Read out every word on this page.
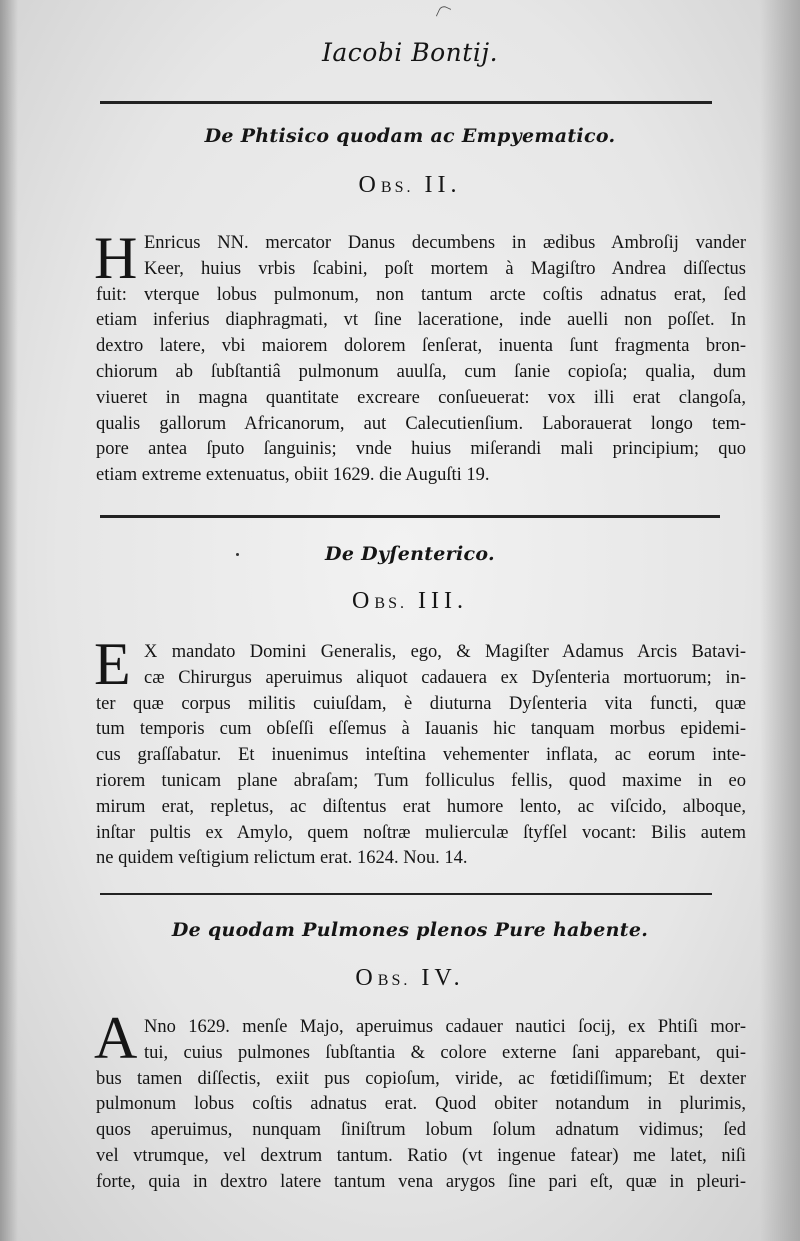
Iacobi Bontij.
De Phtisico quodam ac Empyematico.
OBS. II.
H Enricus NN. mercator Danus decumbens in ædibus Ambroſij vander
Keer, huius vrbis ſcabini, poſt mortem à Magiſtro Andrea diſſectus
fuit: vterque lobus pulmonum, non tantum arcte coſtis adnatus erat, ſed
etiam inferius diaphragmati, vt ſine laceratione, inde auelli non poſſet. In
dextro latere, vbi maiorem dolorem ſenſerat, inuenta ſunt fragmenta bron-
chiorum ab ſubſtantiâ pulmonum auulſa, cum ſanie copioſa; qualia, dum
viueret in magna quantitate excreare conſueuerat: vox illi erat clangoſa,
qualis gallorum Africanorum, aut Calecutienſium. Laborauerat longo tem-
pore antea ſputo ſanguinis; vnde huius miſerandi mali principium; quo
etiam extreme extenuatus, obiit 1629. die Auguſti 19.
De Dyſenterico.
OBS. III.
E X mandato Domini Generalis, ego, & Magiſter Adamus Arcis Batavi-
cæ Chirurgus aperuimus aliquot cadauera ex Dyſenteria mortuorum; in-
ter quæ corpus militis cuiuſdam, è diuturna Dyſenteria vita functi, quæ
tum temporis cum obſeſſi eſſemus à Iauanis hic tanquam morbus epidemi-
cus graſſabatur. Et inuenimus inteſtina vehementer inflata, ac eorum inte-
riorem tunicam plane abraſam; Tum folliculus fellis, quod maxime in eo
mirum erat, repletus, ac diſtentus erat humore lento, ac viſcido, alboque,
inſtar pultis ex Amylo, quem noſtræ mulierculæ ſtyfſel vocant: Bilis autem
ne quidem veſtigium relictum erat. 1624. Nou. 14.
De quodam Pulmones plenos Pure habente.
OBS. IV.
A Nno 1629. menſe Majo, aperuimus cadauer nautici ſocij, ex Phtiſi mor-
tui, cuius pulmones ſubſtantia & colore externe ſani apparebant, qui-
bus tamen diſſectis, exiit pus copioſum, viride, ac fœtidiſſimum; Et dexter
pulmonum lobus coſtis adnatus erat. Quod obiter notandum in plurimis,
quos aperuimus, nunquam ſiniſtrum lobum ſolum adnatum vidimus; ſed
vel vtrumque, vel dextrum tantum. Ratio (vt ingenue fatear) me latet, niſi
forte, quia in dextro latere tantum vena arygos ſine pari eſt, quæ in pleuri-
